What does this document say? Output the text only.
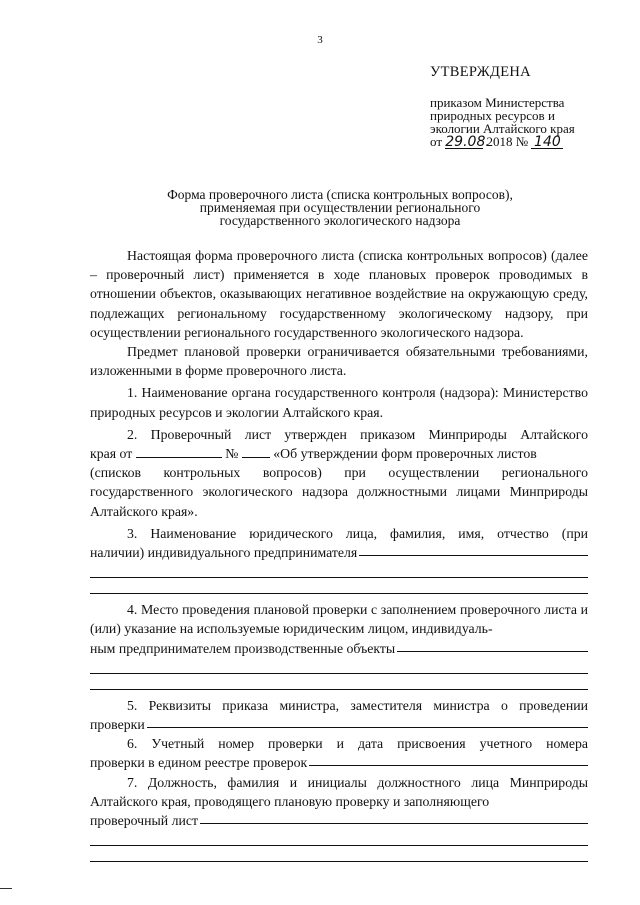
3
УТВЕРЖДЕНА
приказом Министерства
природных ресурсов и
экологии Алтайского края
от 29.08. 2018 № 140
Форма проверочного листа (списка контрольных вопросов),
применяемая при осуществлении регионального
государственного экологического надзора

Настоящая форма проверочного листа (списка контрольных вопросов) (далее – проверочный лист) применяется в ходе плановых проверок проводимых в отношении объектов, оказывающих негативное воздействие на окружающую среду, подлежащих региональному государственному экологическому надзору, при осуществлении регионального государственного экологического надзора.

Предмет плановой проверки ограничивается обязательными требованиями, изложенными в форме проверочного листа.

1. Наименование органа государственного контроля (надзора): Министерство природных ресурсов и экологии Алтайского края.

2. Проверочный лист утвержден приказом Минприроды Алтайского

края от	№	«Об утверждении форм проверочных листов

(списков контрольных вопросов) при осуществлении регионального государственного экологического надзора должностными лицами Минприроды Алтайского края».

3. Наименование юридического лица, фамилия, имя, отчество (при

наличии) индивидуального предпринимателя

4. Место проведения плановой проверки с заполнением проверочного листа и (или) указание на используемые юридическим лицом, индивидуаль-

ным предпринимателем производственные объекты

5. Реквизиты приказа министра, заместителя министра о проведении

проверки

6. Учетный номер проверки и дата присвоения учетного номера

проверки в едином реестре проверок

7. Должность, фамилия и инициалы должностного лица Минприроды Алтайского края, проводящего плановую проверку и заполняющего

проверочный лист
